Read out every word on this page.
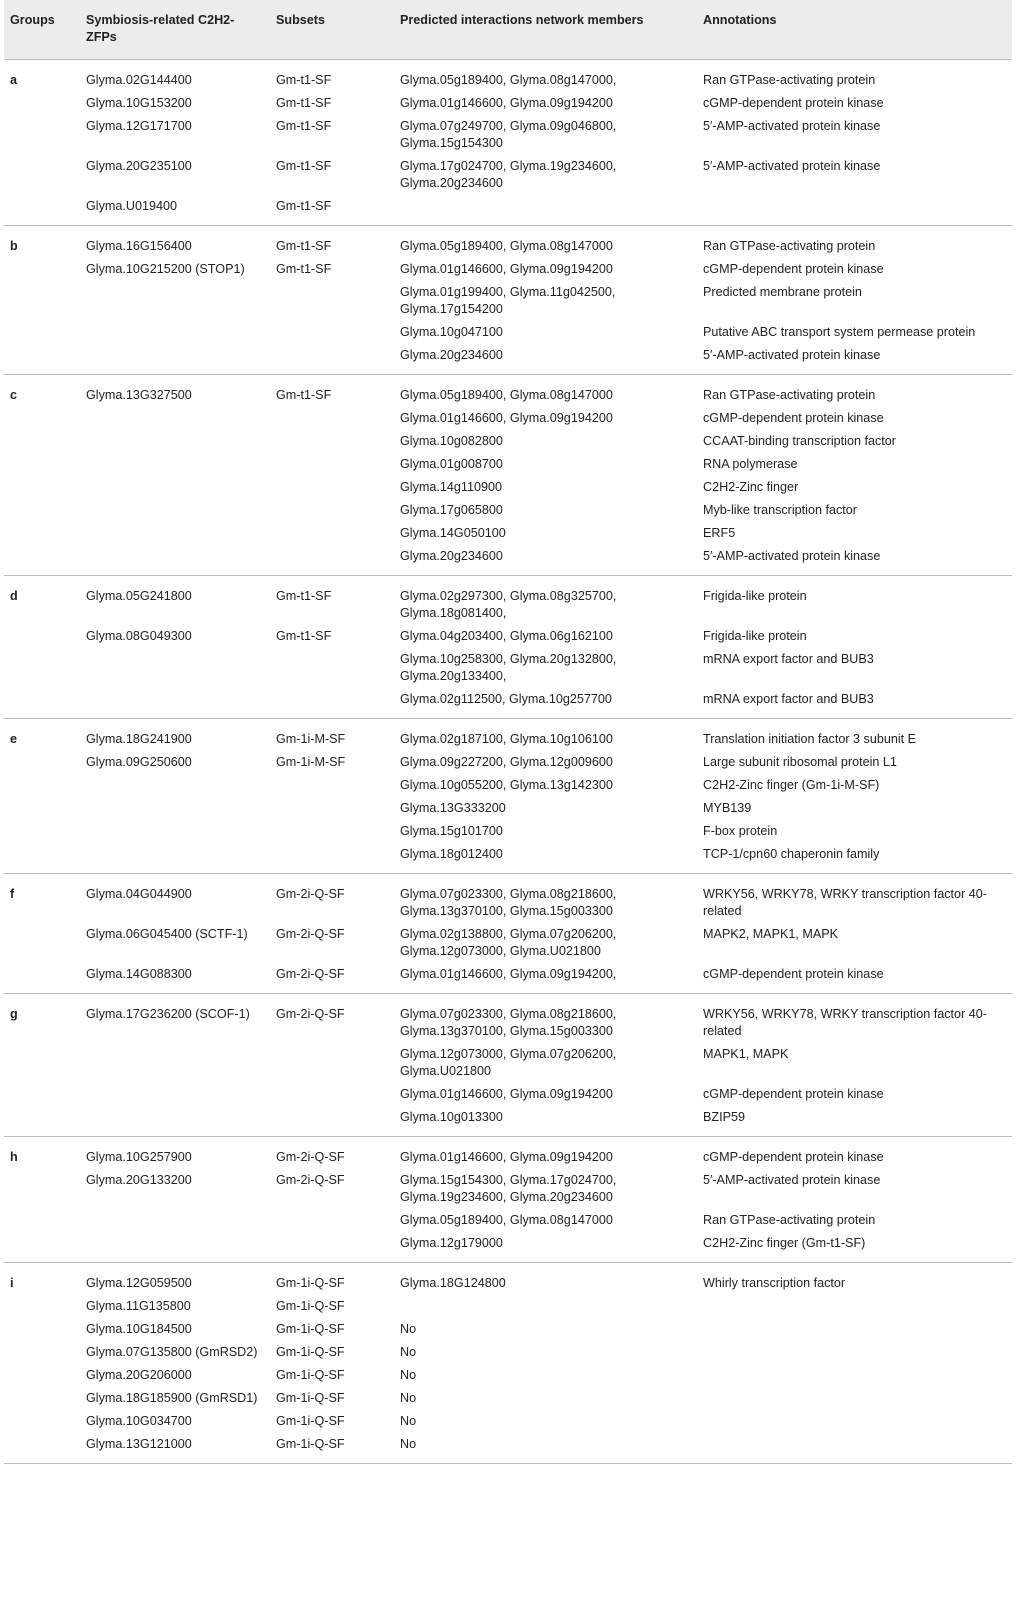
Groups	Symbiosis-related C2H2-ZFPs	Subsets	Predicted interactions network members	Annotations
a	Glyma.02G144400	Gm-t1-SF	Glyma.05g189400, Glyma.08g147000,	Ran GTPase-activating protein
	Glyma.10G153200	Gm-t1-SF	Glyma.01g146600, Glyma.09g194200	cGMP-dependent protein kinase
	Glyma.12G171700	Gm-t1-SF	Glyma.07g249700, Glyma.09g046800, Glyma.15g154300	5′-AMP-activated protein kinase
	Glyma.20G235100	Gm-t1-SF	Glyma.17g024700, Glyma.19g234600, Glyma.20g234600	5′-AMP-activated protein kinase
	Glyma.U019400	Gm-t1-SF		
b	Glyma.16G156400	Gm-t1-SF	Glyma.05g189400, Glyma.08g147000	Ran GTPase-activating protein
	Glyma.10G215200 (STOP1)	Gm-t1-SF	Glyma.01g146600, Glyma.09g194200	cGMP-dependent protein kinase
			Glyma.01g199400, Glyma.11g042500, Glyma.17g154200	Predicted membrane protein
			Glyma.10g047100	Putative ABC transport system permease protein
			Glyma.20g234600	5′-AMP-activated protein kinase
c	Glyma.13G327500	Gm-t1-SF	Glyma.05g189400, Glyma.08g147000	Ran GTPase-activating protein
			Glyma.01g146600, Glyma.09g194200	cGMP-dependent protein kinase
			Glyma.10g082800	CCAAT-binding transcription factor
			Glyma.01g008700	RNA polymerase
			Glyma.14g110900	C2H2-Zinc finger
			Glyma.17g065800	Myb-like transcription factor
			Glyma.14G050100	ERF5
			Glyma.20g234600	5′-AMP-activated protein kinase
d	Glyma.05G241800	Gm-t1-SF	Glyma.02g297300, Glyma.08g325700, Glyma.18g081400,	Frigida-like protein
	Glyma.08G049300	Gm-t1-SF	Glyma.04g203400, Glyma.06g162100	Frigida-like protein
			Glyma.10g258300, Glyma.20g132800, Glyma.20g133400,	mRNA export factor and BUB3
			Glyma.02g112500, Glyma.10g257700	mRNA export factor and BUB3
e	Glyma.18G241900	Gm-1i-M-SF	Glyma.02g187100, Glyma.10g106100	Translation initiation factor 3 subunit E
	Glyma.09G250600	Gm-1i-M-SF	Glyma.09g227200, Glyma.12g009600	Large subunit ribosomal protein L1
			Glyma.10g055200, Glyma.13g142300	C2H2-Zinc finger (Gm-1i-M-SF)
			Glyma.13G333200	MYB139
			Glyma.15g101700	F-box protein
			Glyma.18g012400	TCP-1/cpn60 chaperonin family
f	Glyma.04G044900	Gm-2i-Q-SF	Glyma.07g023300, Glyma.08g218600, Glyma.13g370100, Glyma.15g003300	WRKY56, WRKY78, WRKY transcription factor 40-related
	Glyma.06G045400 (SCTF-1)	Gm-2i-Q-SF	Glyma.02g138800, Glyma.07g206200, Glyma.12g073000, Glyma.U021800	MAPK2, MAPK1, MAPK
	Glyma.14G088300	Gm-2i-Q-SF	Glyma.01g146600, Glyma.09g194200,	cGMP-dependent protein kinase
g	Glyma.17G236200 (SCOF-1)	Gm-2i-Q-SF	Glyma.07g023300, Glyma.08g218600, Glyma.13g370100, Glyma.15g003300	WRKY56, WRKY78, WRKY transcription factor 40-related
			Glyma.12g073000, Glyma.07g206200, Glyma.U021800	MAPK1, MAPK
			Glyma.01g146600, Glyma.09g194200	cGMP-dependent protein kinase
			Glyma.10g013300	BZIP59
h	Glyma.10G257900	Gm-2i-Q-SF	Glyma.01g146600, Glyma.09g194200	cGMP-dependent protein kinase
	Glyma.20G133200	Gm-2i-Q-SF	Glyma.15g154300, Glyma.17g024700, Glyma.19g234600, Glyma.20g234600	5′-AMP-activated protein kinase
			Glyma.05g189400, Glyma.08g147000	Ran GTPase-activating protein
			Glyma.12g179000	C2H2-Zinc finger (Gm-t1-SF)
i	Glyma.12G059500	Gm-1i-Q-SF	Glyma.18G124800	Whirly transcription factor
	Glyma.11G135800	Gm-1i-Q-SF		
	Glyma.10G184500	Gm-1i-Q-SF	No	
	Glyma.07G135800 (GmRSD2)	Gm-1i-Q-SF	No	
	Glyma.20G206000	Gm-1i-Q-SF	No	
	Glyma.18G185900 (GmRSD1)	Gm-1i-Q-SF	No	
	Glyma.10G034700	Gm-1i-Q-SF	No	
	Glyma.13G121000	Gm-1i-Q-SF	No	
